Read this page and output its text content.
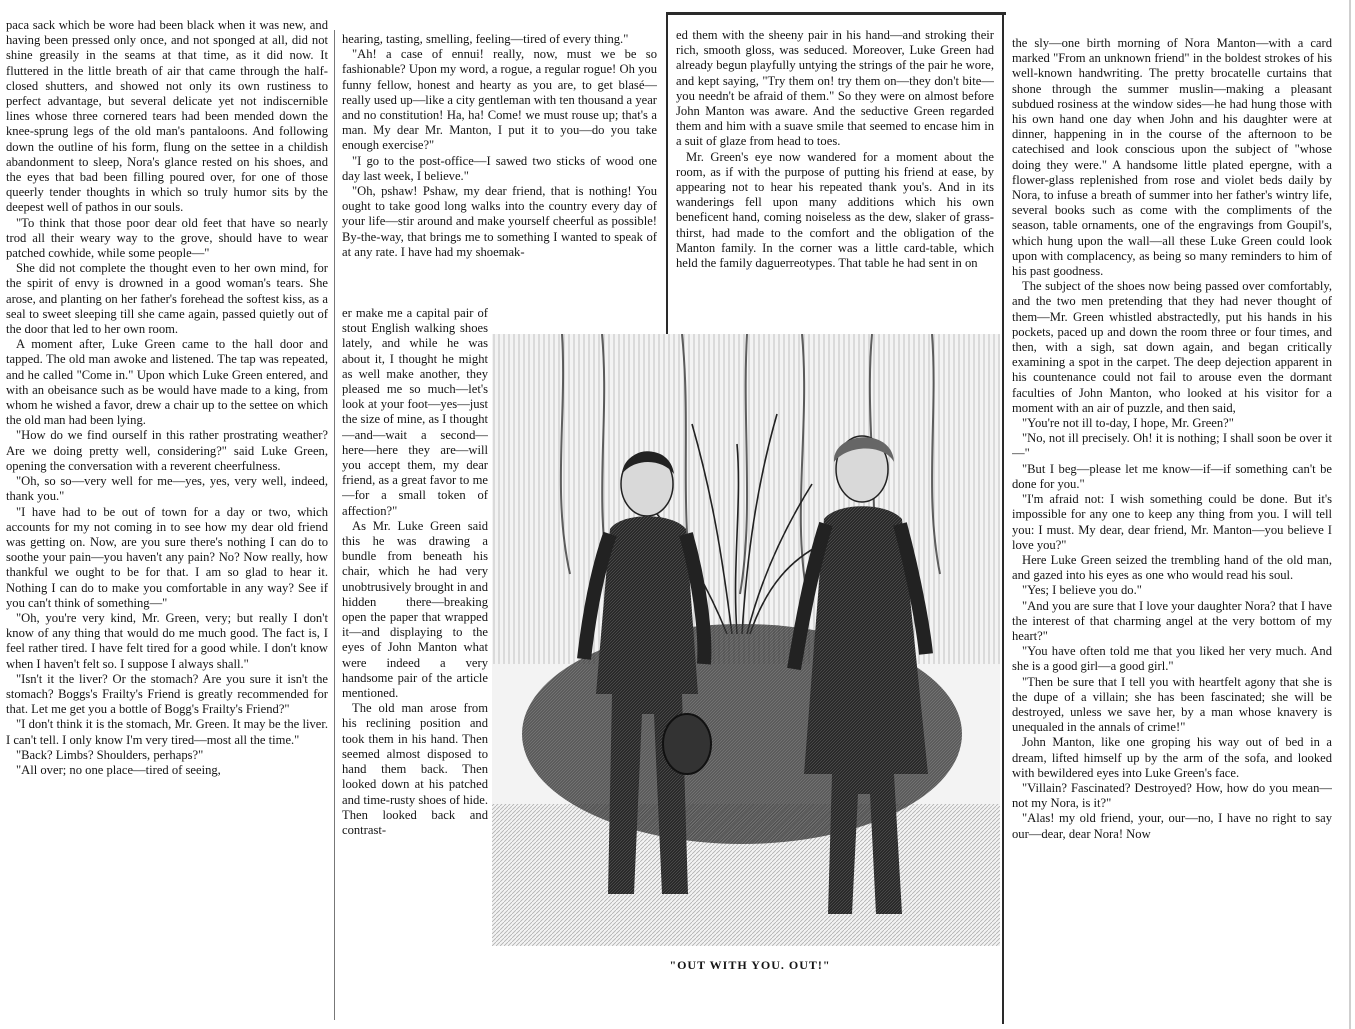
paca sack which be wore had been black when it was new, and having been pressed only once, and not sponged at all, did not shine greasily in the seams at that time, as it did now. It fluttered in the little breath of air that came through the half-closed shutters, and showed not only its own rustiness to perfect advantage, but several delicate yet not indiscernible lines whose three cornered tears had been mended down the knee-sprung legs of the old man's pantaloons. And following down the outline of his form, flung on the settee in a childish abandonment to sleep, Nora's glance rested on his shoes, and the eyes that bad been filling poured over, for one of those queerly tender thoughts in which so truly humor sits by the deepest well of pathos in our souls.

"To think that those poor dear old feet that have so nearly trod all their weary way to the grove, should have to wear patched cowhide, while some people—"

She did not complete the thought even to her own mind, for the spirit of envy is drowned in a good woman's tears. She arose, and planting on her father's forehead the softest kiss, as a seal to sweet sleeping till she came again, passed quietly out of the door that led to her own room.

A moment after, Luke Green came to the hall door and tapped. The old man awoke and listened. The tap was repeated, and he called "Come in." Upon which Luke Green entered, and with an obeisance such as be would have made to a king, from whom he wished a favor, drew a chair up to the settee on which the old man had been lying.

"How do we find ourself in this rather prostrating weather? Are we doing pretty well, considering?" said Luke Green, opening the conversation with a reverent cheerfulness.

"Oh, so so—very well for me—yes, yes, very well, indeed, thank you."

"I have had to be out of town for a day or two, which accounts for my not coming in to see how my dear old friend was getting on. Now, are you sure there's nothing I can do to soothe your pain—you haven't any pain? No? Now really, how thankful we ought to be for that. I am so glad to hear it. Nothing I can do to make you comfortable in any way? See if you can't think of something—"

"Oh, you're very kind, Mr. Green, very; but really I don't know of any thing that would do me much good. The fact is, I feel rather tired. I have felt tired for a good while. I don't know when I haven't felt so. I suppose I always shall."

"Isn't it the liver? Or the stomach? Are you sure it isn't the stomach? Boggs's Frailty's Friend is greatly recommended for that. Let me get you a bottle of Bogg's Frailty's Friend?"

"I don't think it is the stomach, Mr. Green. It may be the liver. I can't tell. I only know I'm very tired—most all the time."

"Back? Limbs? Shoulders, perhaps?"

"All over; no one place—tired of seeing,

hearing, tasting, smelling, feeling—tired of every thing."

"Ah! a case of ennui! really, now, must we be so fashionable? Upon my word, a rogue, a regular rogue! Oh you funny fellow, honest and hearty as you are, to get blasé—really used up—like a city gentleman with ten thousand a year and no constitution! Ha, ha! Come! we must rouse up; that's a man. My dear Mr. Manton, I put it to you—do you take enough exercise?"

"I go to the post-office—I sawed two sticks of wood one day last week, I believe."

"Oh, pshaw! Pshaw, my dear friend, that is nothing! You ought to take good long walks into the country every day of your life—stir around and make yourself cheerful as possible! By-the-way, that brings me to something I wanted to speak of at any rate. I have had my shoemak-

er make me a capital pair of stout English walking shoes lately, and while he was about it, I thought he might as well make another, they pleased me so much—let's look at your foot—yes—just the size of mine, as I thought—and—wait a second—here—here they are—will you accept them, my dear friend, as a great favor to me—for a small token of affection?"

As Mr. Luke Green said this he was drawing a bundle from beneath his chair, which he had very unobtrusively brought in and hidden there—breaking open the paper that wrapped it—and displaying to the eyes of John Manton what were indeed a very handsome pair of the article mentioned.

The old man arose from his reclining position and took them in his hand. Then seemed almost disposed to hand them back. Then looked down at his patched and time-rusty shoes of hide. Then looked back and contrast-

ed them with the sheeny pair in his hand—and stroking their rich, smooth gloss, was seduced. Moreover, Luke Green had already begun playfully untying the strings of the pair he wore, and kept saying, "Try them on! try them on—they don't bite—you needn't be afraid of them." So they were on almost before John Manton was aware. And the seductive Green regarded them and him with a suave smile that seemed to encase him in a suit of glaze from head to toes.

Mr. Green's eye now wandered for a moment about the room, as if with the purpose of putting his friend at ease, by appearing not to hear his repeated thank you's. And in its wanderings fell upon many additions which his own beneficent hand, coming noiseless as the dew, slaker of grass-thirst, had made to the comfort and the obligation of the Manton family. In the corner was a little card-table, which held the family daguerreotypes. That table he had sent in on

the sly—one birth morning of Nora Manton—with a card marked "From an unknown friend" in the boldest strokes of his well-known handwriting. The pretty brocatelle curtains that shone through the summer muslin—making a pleasant subdued rosiness at the window sides—he had hung those with his own hand one day when John and his daughter were at dinner, happening in in the course of the afternoon to be catechised and look conscious upon the subject of "whose doing they were." A handsome little plated epergne, with a flower-glass replenished from rose and violet beds daily by Nora, to infuse a breath of summer into her father's wintry life, several books such as come with the compliments of the season, table ornaments, one of the engravings from Goupil's, which hung upon the wall—all these Luke Green could look upon with complacency, as being so many reminders to him of his past goodness.

The subject of the shoes now being passed over comfortably, and the two men pretending that they had never thought of them—Mr. Green whistled abstractedly, put his hands in his pockets, paced up and down the room three or four times, and then, with a sigh, sat down again, and began critically examining a spot in the carpet. The deep dejection apparent in his countenance could not fail to arouse even the dormant faculties of John Manton, who looked at his visitor for a moment with an air of puzzle, and then said,

"You're not ill to-day, I hope, Mr. Green?"

"No, not ill precisely. Oh! it is nothing; I shall soon be over it—"

"But I beg—please let me know—if—if something can't be done for you."

"I'm afraid not: I wish something could be done. But it's impossible for any one to keep any thing from you. I will tell you: I must. My dear, dear friend, Mr. Manton—you believe I love you?"

Here Luke Green seized the trembling hand of the old man, and gazed into his eyes as one who would read his soul.

"Yes; I believe you do."

"And you are sure that I love your daughter Nora? that I have the interest of that charming angel at the very bottom of my heart?"

"You have often told me that you liked her very much. And she is a good girl—a good girl."

"Then be sure that I tell you with heartfelt agony that she is the dupe of a villain; she has been fascinated; she will be destroyed, unless we save her, by a man whose knavery is unequaled in the annals of crime!"

John Manton, like one groping his way out of bed in a dream, lifted himself up by the arm of the sofa, and looked with bewildered eyes into Luke Green's face.

"Villain? Fascinated? Destroyed? How, how do you mean—not my Nora, is it?"

"Alas! my old friend, your, our—no, I have no right to say our—dear, dear Nora! Now

"OUT WITH YOU. OUT!"
